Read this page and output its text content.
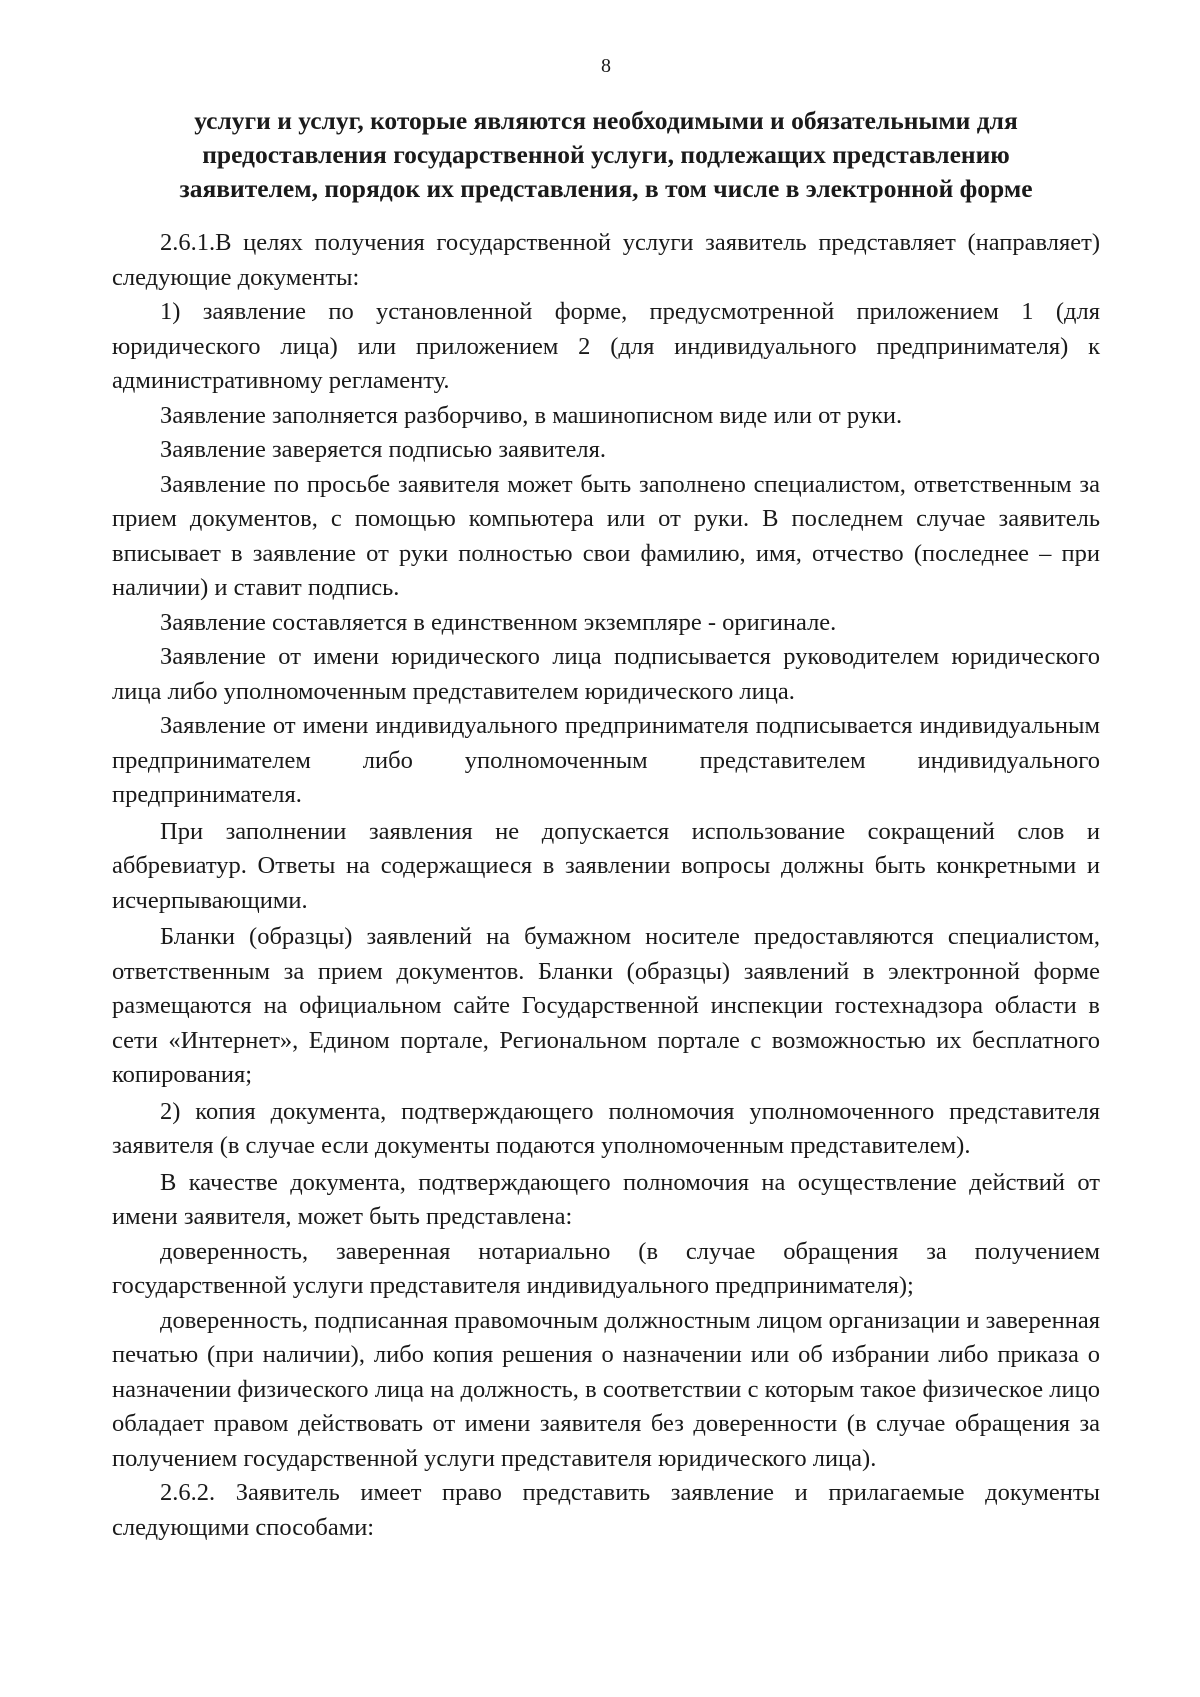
8
услуги и услуг, которые являются необходимыми и обязательными для
предоставления государственной услуги, подлежащих представлению
заявителем, порядок их представления, в том числе в электронной форме

2.6.1.В целях получения государственной услуги заявитель представляет (направляет) следующие документы:

1) заявление по установленной форме, предусмотренной приложением 1 (для юридического лица) или приложением 2 (для индивидуального предпринимателя) к административному регламенту.

Заявление заполняется разборчиво, в машинописном виде или от руки.

Заявление заверяется подписью заявителя.

Заявление по просьбе заявителя может быть заполнено специалистом, ответственным за прием документов, с помощью компьютера или от руки. В последнем случае заявитель вписывает в заявление от руки полностью свои фамилию, имя, отчество (последнее – при наличии) и ставит подпись.

Заявление составляется в единственном экземпляре - оригинале.

Заявление от имени юридического лица подписывается руководителем юридического лица либо уполномоченным представителем юридического лица.

Заявление от имени индивидуального предпринимателя подписывается индивидуальным предпринимателем либо уполномоченным представителем индивидуального предпринимателя.

При заполнении заявления не допускается использование сокращений слов и аббревиатур. Ответы на содержащиеся в заявлении вопросы должны быть конкретными и исчерпывающими.

Бланки (образцы) заявлений на бумажном носителе предоставляются специалистом, ответственным за прием документов. Бланки (образцы) заявлений в электронной форме размещаются на официальном сайте Государственной инспекции гостехнадзора области в сети «Интернет», Едином портале, Региональном портале с возможностью их бесплатного копирования;

2) копия документа, подтверждающего полномочия уполномоченного представителя заявителя (в случае если документы подаются уполномоченным представителем).

В качестве документа, подтверждающего полномочия на осуществление действий от имени заявителя, может быть представлена:

доверенность, заверенная нотариально (в случае обращения за получением государственной услуги представителя индивидуального предпринимателя);

доверенность, подписанная правомочным должностным лицом организации и заверенная печатью (при наличии), либо копия решения о назначении или об избрании либо приказа о назначении физического лица на должность, в соответствии с которым такое физическое лицо обладает правом действовать от имени заявителя без доверенности (в случае обращения за получением государственной услуги представителя юридического лица).

2.6.2. Заявитель имеет право представить заявление и прилагаемые документы следующими способами:
